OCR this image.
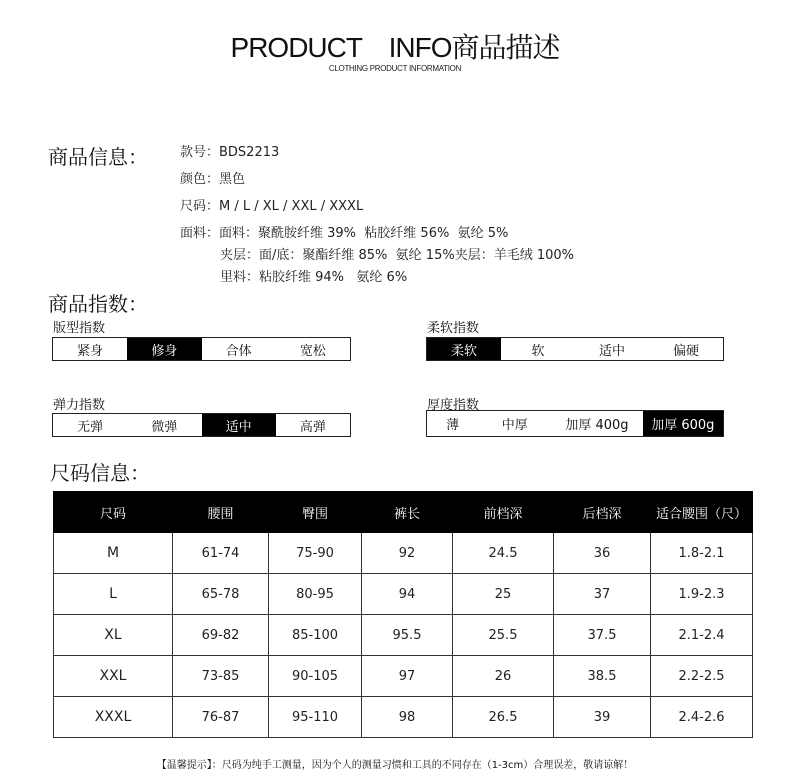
PRODUCT    INFO商品描述
CLOTHING PRODUCT INFORMATION
商品信息： 款号：BDS2213
颜色：黑色
尺码：M / L / XL / XXL / XXXL
面料：面料：聚酰胺纤维 39%  粘胶纤维 56%  氨纶 5%
夹层：面/底：聚酯纤维 85%  氨纶 15%夹层：羊毛绒 100%
里料：粘胶纤维 94%   氨纶 6%
商品指数：
版型指数
紧身	修身	合体	宽松
柔软指数
柔软	软	适中	偏硬
弹力指数
无弹	微弹	适中	高弹
厚度指数
薄	中厚	加厚 400g	加厚 600g
尺码信息：
尺码	腰围	臀围	裤长	前档深	后档深	适合腰围（尺）
M	61-74	75-90	92	24.5	36	1.8-2.1
L	65-78	80-95	94	25	37	1.9-2.3
XL	69-82	85-100	95.5	25.5	37.5	2.1-2.4
XXL	73-85	90-105	97	26	38.5	2.2-2.5
XXXL	76-87	95-110	98	26.5	39	2.4-2.6
【温馨提示】：尺码为纯手工测量，因为个人的测量习惯和工具的不同存在（1-3cm）合理误差，敬请谅解！
